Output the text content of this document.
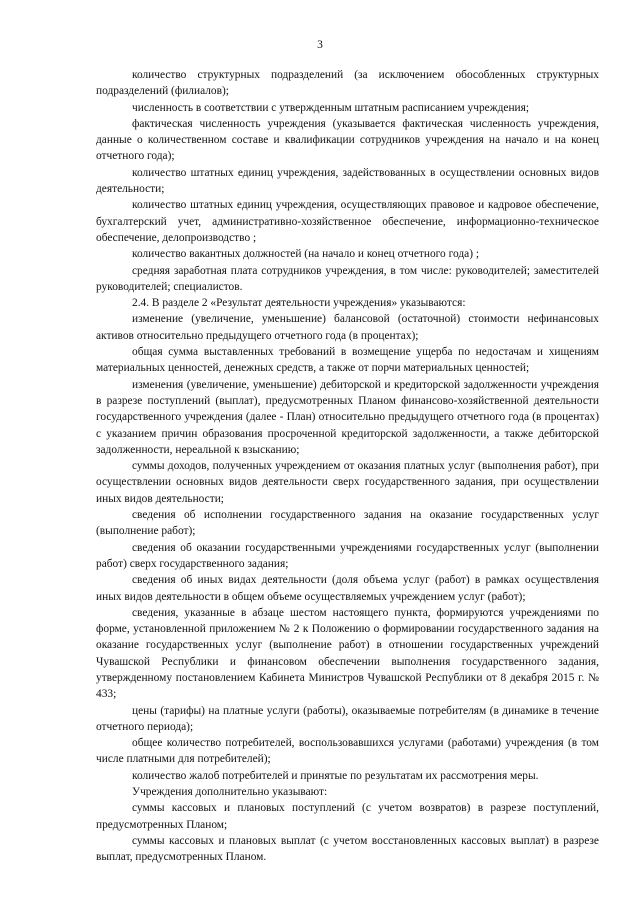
3

количество структурных подразделений (за исключением обособленных структурных подразделений (филиалов);

численность в соответствии с утвержденным штатным расписанием учреждения;

фактическая численность учреждения (указывается фактическая численность учреждения, данные о количественном составе и квалификации сотрудников учреждения на начало и на конец отчетного года);

количество штатных единиц учреждения, задействованных в осуществлении основных видов деятельности;

количество штатных единиц учреждения, осуществляющих правовое и кадровое обеспечение, бухгалтерский учет, административно-хозяйственное обеспечение, информационно-техническое обеспечение, делопроизводство ;

количество вакантных должностей (на начало и конец отчетного года) ;

средняя заработная плата сотрудников учреждения, в том числе: руководителей; заместителей руководителей; специалистов.

2.4. В разделе 2 «Результат деятельности учреждения» указываются:

изменение (увеличение, уменьшение) балансовой (остаточной) стоимости нефинансовых активов относительно предыдущего отчетного года (в процентах);

общая сумма выставленных требований в возмещение ущерба по недостачам и хищениям материальных ценностей, денежных средств, а также от порчи материальных ценностей;

изменения (увеличение, уменьшение) дебиторской и кредиторской задолженности учреждения в разрезе поступлений (выплат), предусмотренных Планом финансово-хозяйственной деятельности государственного учреждения (далее - План) относительно предыдущего отчетного года (в процентах) с указанием причин образования просроченной кредиторской задолженности, а также дебиторской задолженности, нереальной к взысканию;

суммы доходов, полученных учреждением от оказания платных услуг (выполнения работ), при осуществлении основных видов деятельности сверх государственного задания, при осуществлении иных видов деятельности;

сведения об исполнении государственного задания на оказание государственных услуг (выполнение работ);

сведения об оказании государственными учреждениями государственных услуг (выполнении работ) сверх государственного задания;

сведения об иных видах деятельности (доля объема услуг (работ) в рамках осуществления иных видов деятельности в общем объеме осуществляемых учреждением услуг (работ);

сведения, указанные в абзаце шестом настоящего пункта, формируются учреждениями по форме, установленной приложением № 2 к Положению о формировании государственного задания на оказание государственных услуг (выполнение работ) в отношении государственных учреждений Чувашской Республики и финансовом обеспечении выполнения государственного задания, утвержденному постановлением Кабинета Министров Чувашской Республики от 8 декабря 2015 г. № 433;

цены (тарифы) на платные услуги (работы), оказываемые потребителям (в динамике в течение отчетного периода);

общее количество потребителей, воспользовавшихся услугами (работами) учреждения (в том числе платными для потребителей);

количество жалоб потребителей и принятые по результатам их рассмотрения меры.

Учреждения дополнительно указывают:

суммы кассовых и плановых поступлений (с учетом возвратов) в разрезе поступлений, предусмотренных Планом;

суммы кассовых и плановых выплат (с учетом восстановленных кассовых выплат) в разрезе выплат, предусмотренных Планом.
